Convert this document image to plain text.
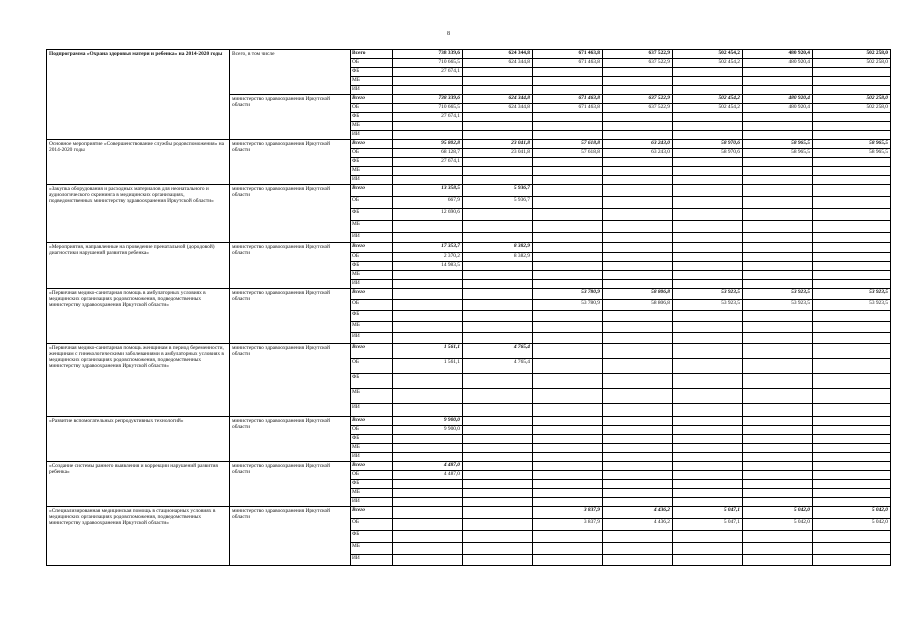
8
Подпрограмма «Охрана здоровья матери и ребенка» на 2014-2020 годы	Всего, в том числе	Всего	738 339,6	624 344,8	671 463,8	637 522,9	502 454,2	480 920,4	502 258,0
		ОБ	710 665,5	624 344,8	671 463,8	637 522,9	502 454,2	480 920,4	502 258,0
		ФБ	27 674,1						
		МБ							
		ИИ							
	министерство здравоохранения Иркутской области	Всего	738 339,6	624 344,8	671 463,8	637 522,9	502 454,2	480 920,4	502 258,0
		ОБ	710 665,5	624 344,8	671 463,8	637 522,9	502 454,2	480 920,4	502 258,0
		ФБ	27 674,1						
		МБ							
		ИИ							
Основное мероприятие «Совершенствование службы родовспоможения» на 2014-2020 годы	министерство здравоохранения Иркутской области	Всего	95 802,8	23 041,8	57 618,8	63 243,0	58 970,6	58 965,5	58 965,5
		ОБ	68 128,7	23 041,8	57 618,8	63 243,0	58 970,6	58 965,5	58 965,5
		ФБ	27 674,1						
		МБ							
		ИИ							
«Закупка оборудования и расходных материалов для неонатального и аудиологического скрининга в медицинских организациях, подведомственных министерству здравоохранения Иркутской области»	министерство здравоохранения Иркутской области	Всего	13 358,5	5 936,7					
		ОБ	667,9	5 936,7					
		ФБ	12 690,6						
		МБ							
		ИИ							
«Мероприятия, направленные на проведение пренатальной (дородовой) диагностики нарушений развития ребенка»	министерство здравоохранения Иркутской области	Всего	17 353,7	8 382,9					
		ОБ	2 370,2	8 382,9					
		ФБ	14 983,5						
		МБ							
		ИИ							
«Первичная медико-санитарная помощь в амбулаторных условиях в медицинских организациях родовспоможения, подведомственных министерству здравоохранения Иркутской области»	министерство здравоохранения Иркутской области	Всего			53 780,9	58 806,8	53 923,5	53 923,5	53 923,5
		ОБ			53 780,9	58 806,8	53 923,5	53 923,5	53 923,5
		ФБ							
		МБ							
		ИИ							
«Первичная медико-санитарная помощь женщинам в период беременности, женщинам с гинекологическими заболеваниями в амбулаторных условиях в медицинских организациях родовспоможения, подведомственных министерству здравоохранения Иркутской области»	министерство здравоохранения Иркутской области	Всего	1 561,1	4 765,4					
		ОБ	1 561,1	4 765,4					
		ФБ							
		МБ							
		ИИ							
«Развитие вспомогательных репродуктивных технологий»	министерство здравоохранения Иркутской области	Всего	9 900,0						
		ОБ	9 900,0						
		ФБ							
		МБ							
		ИИ							
«Создание системы раннего выявления и коррекции нарушений развития ребенка»	министерство здравоохранения Иркутской области	Всего	4 487,0						
		ОБ	4 487,0						
		ФБ							
		МБ							
		ИИ							
«Специализированная медицинская помощь в стационарных условиях в медицинских организациях родовспоможения, подведомственных министерству здравоохранения Иркутской области»	министерство здравоохранения Иркутской области	Всего			3 837,9	4 436,2	5 047,1	5 042,0	5 042,0
		ОБ			3 837,9	4 436,2	5 047,1	5 042,0	5 042,0
		ФБ							
		МБ							
		ИИ							
